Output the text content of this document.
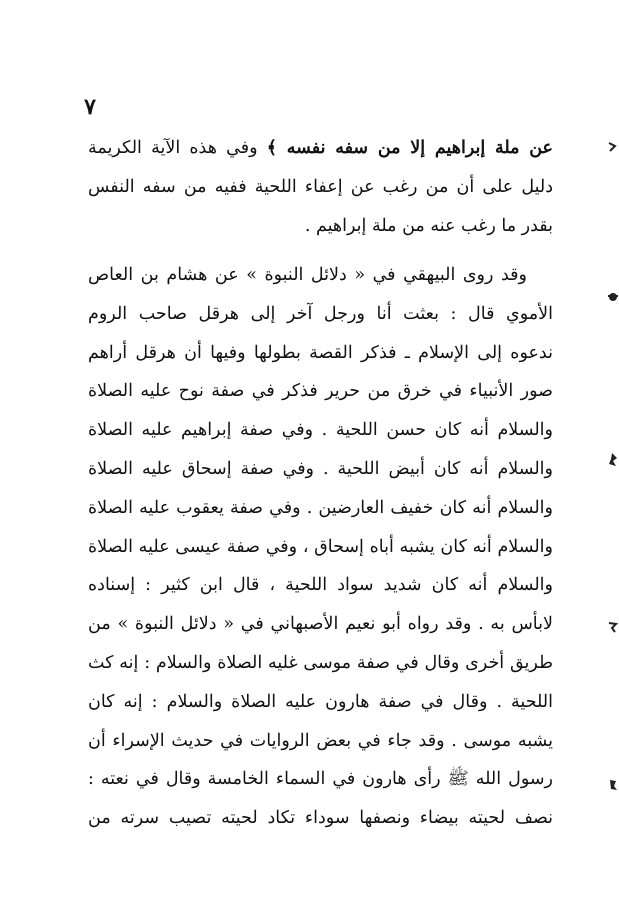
٧
عن ملة إبراهيم إلا من سفه نفسه ﴾ وفي هذه الآية الكريمة
دليل على أن من رغب عن إعفاء اللحية ففيه من سفه النفس
بقدر ما رغب عنه من ملة إبراهيم .
وقد روى البيهقي في « دلائل النبوة » عن هشام بن العاص
الأموي قال : بعثت أنا ورجل آخر إلى هرقل صاحب الروم
ندعوه إلى الإسلام ـ فذكر القصة بطولها وفيها أن هرقل أراهم
صور الأنبياء في خرق من حرير فذكر في صفة نوح عليه الصلاة
والسلام أنه كان حسن اللحية . وفي صفة إبراهيم عليه الصلاة
والسلام أنه كان أبيض اللحية . وفي صفة إسحاق عليه الصلاة
والسلام أنه كان خفيف العارضين . وفي صفة يعقوب عليه الصلاة
والسلام أنه كان يشبه أباه إسحاق ، وفي صفة عيسى عليه الصلاة
والسلام أنه كان شديد سواد اللحية ، قال ابن كثير : إسناده
لابأس به . وقد رواه أبو نعيم الأصبهاني في « دلائل النبوة » من
طريق أخرى وقال في صفة موسى غليه الصلاة والسلام : إنه كث
اللحية . وقال في صفة هارون عليه الصلاة والسلام : إنه كان
يشبه موسى . وقد جاء في بعض الروايات في حديث الإسراء أن
رسول الله ﷺ رأى هارون في السماء الخامسة وقال في نعته :
نصف لحيته بيضاء ونصفها سوداء تكاد لحيته تصيب سرته من
